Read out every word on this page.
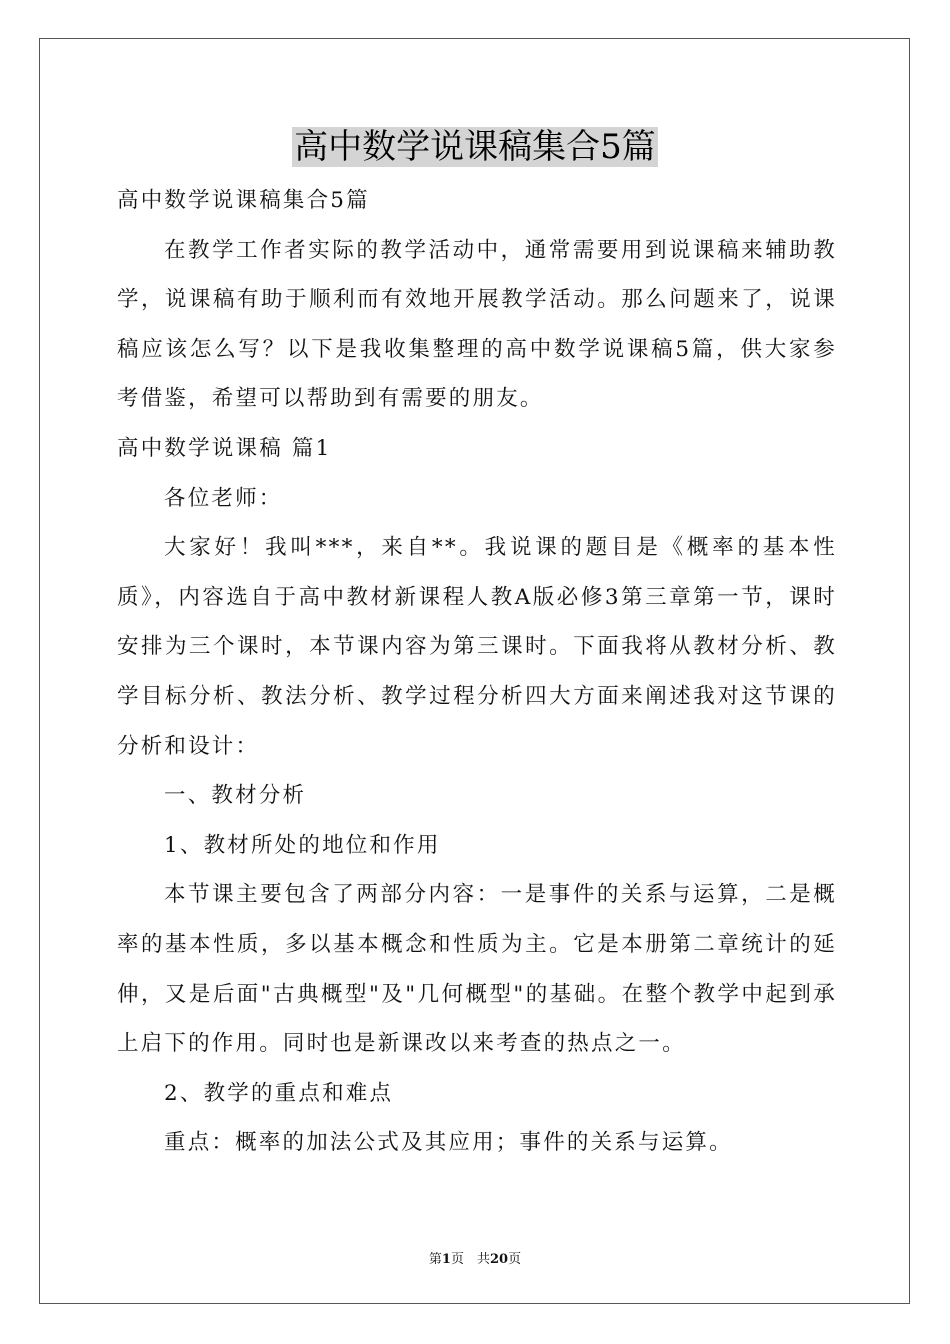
高中数学说课稿集合5篇

高中数学说课稿集合5篇

在教学工作者实际的教学活动中，通常需要用到说课稿来辅助教学，说课稿有助于顺利而有效地开展教学活动。那么问题来了，说课稿应该怎么写？以下是我收集整理的高中数学说课稿5篇，供大家参考借鉴，希望可以帮助到有需要的朋友。

高中数学说课稿 篇1

各位老师：

大家好！我叫***，来自**。我说课的题目是《概率的基本性质》，内容选自于高中教材新课程人教A版必修3第三章第一节，课时安排为三个课时，本节课内容为第三课时。下面我将从教材分析、教学目标分析、教法分析、教学过程分析四大方面来阐述我对这节课的分析和设计：

一、教材分析

1、教材所处的地位和作用

本节课主要包含了两部分内容：一是事件的关系与运算，二是概率的基本性质，多以基本概念和性质为主。它是本册第二章统计的延伸，又是后面"古典概型"及"几何概型"的基础。在整个教学中起到承上启下的作用。同时也是新课改以来考查的热点之一。

2、教学的重点和难点

重点：概率的加法公式及其应用；事件的关系与运算。

第1页　共20页
